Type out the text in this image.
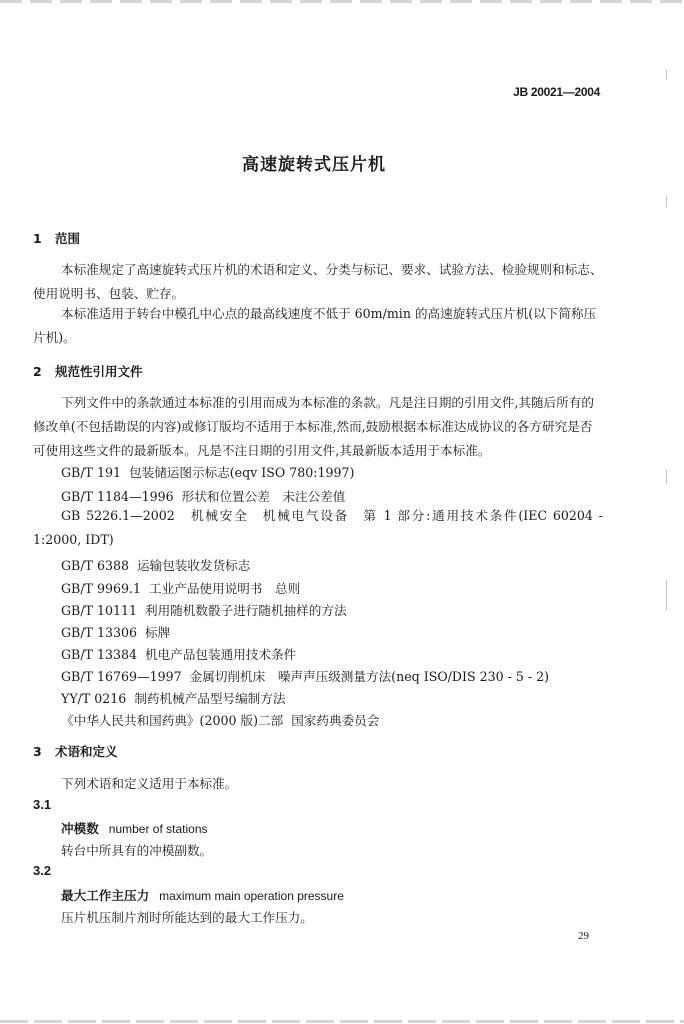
JB 20021—2004
高速旋转式压片机
1 范围
本标准规定了高速旋转式压片机的术语和定义、分类与标记、要求、试验方法、检验规则和标志、使用说明书、包装、贮存。
本标准适用于转台中模孔中心点的最高线速度不低于 60m/min 的高速旋转式压片机(以下简称压片机)。
2 规范性引用文件
下列文件中的条款通过本标准的引用而成为本标准的条款。凡是注日期的引用文件,其随后所有的修改单(不包括勘误的内容)或修订版均不适用于本标准,然而,鼓励根据本标准达成协议的各方研究是否可使用这些文件的最新版本。凡是不注日期的引用文件,其最新版本适用于本标准。
GB/T 191 包装储运图示标志(eqv ISO 780:1997)
GB/T 1184—1996 形状和位置公差　未注公差值
GB 5226.1—2002　机械安全　机械电气设备　第 1 部分:通用技术条件(IEC 60204 - 1:2000, IDT)
GB/T 6388 运输包装收发货标志
GB/T 9969.1 工业产品使用说明书　总则
GB/T 10111 利用随机数骰子进行随机抽样的方法
GB/T 13306 标牌
GB/T 13384 机电产品包装通用技术条件
GB/T 16769—1997 金属切削机床　噪声声压级测量方法(neq ISO/DIS 230 - 5 - 2)
YY/T 0216 制药机械产品型号编制方法
《中华人民共和国药典》(2000 版)二部 国家药典委员会
3 术语和定义
下列术语和定义适用于本标准。
3.1
冲模数 number of stations
转台中所具有的冲模副数。
3.2
最大工作主压力 maximum main operation pressure
压片机压制片剂时所能达到的最大工作压力。
29
